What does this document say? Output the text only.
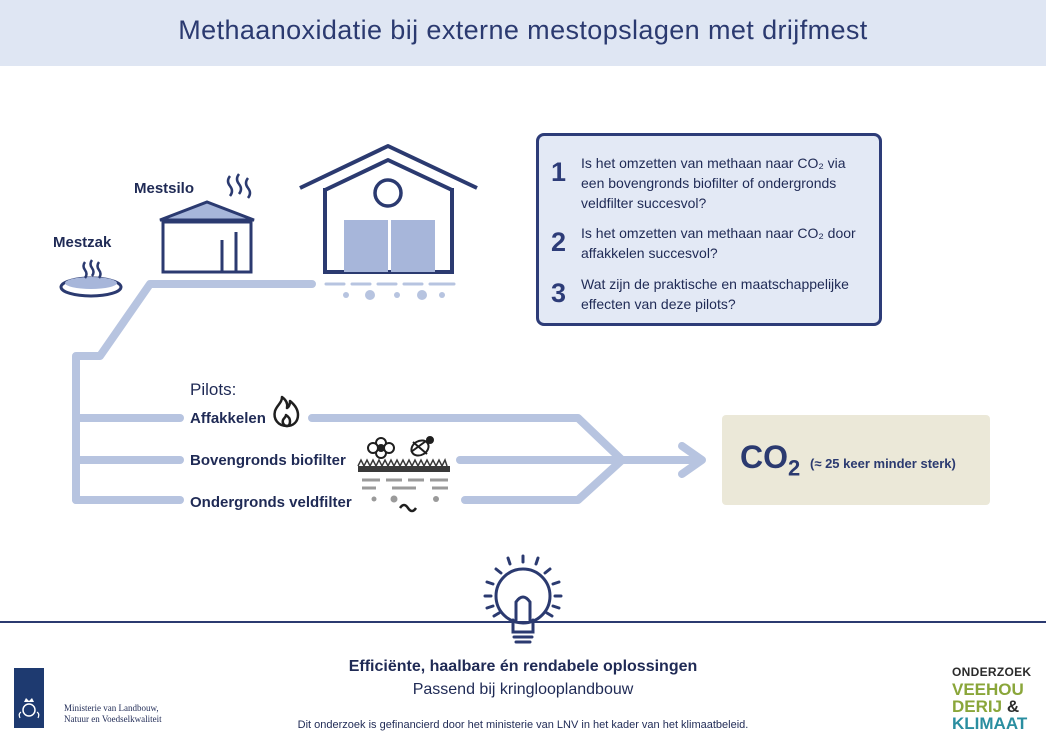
Methaanoxidatie bij externe mestopslagen met drijfmest
Mestzak
Mestsilo
Pilots:
Affakkelen
Bovengronds biofilter
Ondergronds veldfilter
1 Is het omzetten van methaan naar CO₂ via een bovengronds biofilter of ondergronds veldfilter succesvol?
2 Is het omzetten van methaan naar CO₂ door affakkelen succesvol?
3 Wat zijn de praktische en maatschappelijke effecten van deze pilots?
$CO_2$ (≈ 25 keer minder sterk)
Efficiënte, haalbare én rendabele oplossingen
Passend bij kringlooplandbouw
Dit onderzoek is gefinancierd door het ministerie van LNV in het kader van het klimaatbeleid.
Ministerie van Landbouw, Natuur en Voedselkwaliteit
ONDERZOEK
VEEHOU
DERIJ &
KLIMAAT
